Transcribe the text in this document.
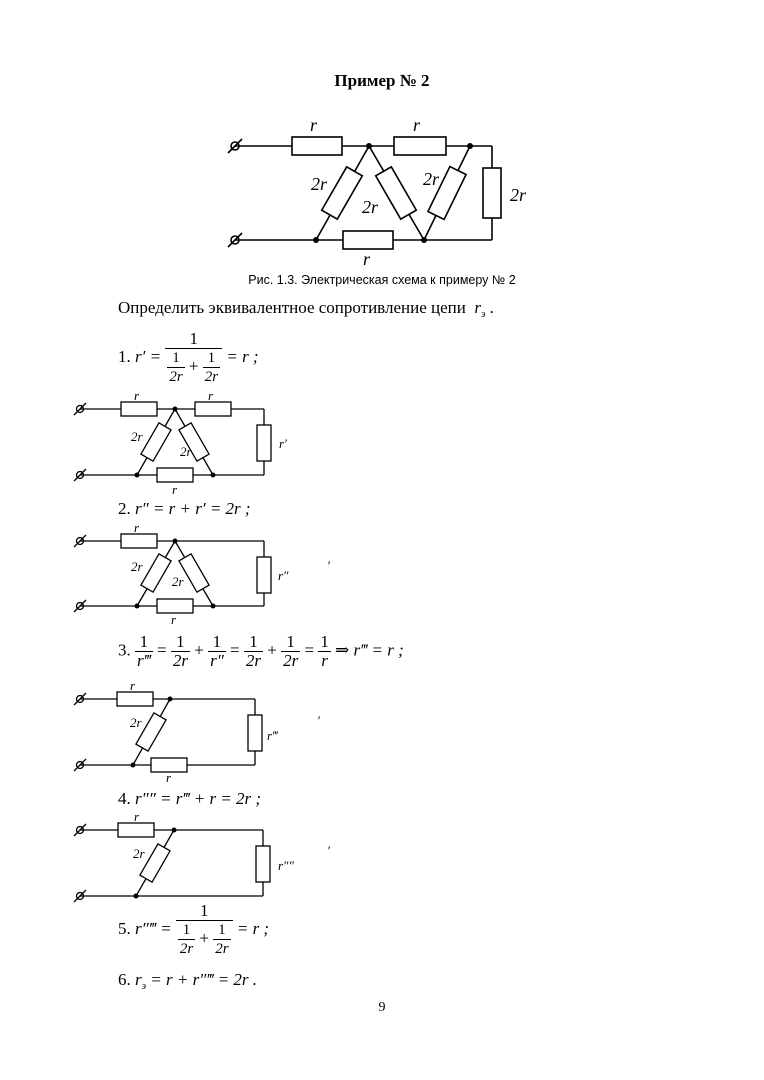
Пример № 2
r	r
2r
2r
2r
2r
r
Рис. 1.3. Электрическая схема к примеру № 2
Определить эквивалентное сопротивление цепи $r_э$ .
1. $r' = \frac{1}{\frac{1}{2r} + \frac{1}{2r}} = r$ ;
r	r
2r
2r
r′
r
2. r″ = r + r′ = 2r ;
r
2r
2r	r″
′
r
3. $\frac{1}{r‴} = \frac{1}{2r} + \frac{1}{r''} = \frac{1}{2r} + \frac{1}{2r} = \frac{1}{r}$ ⇒ r‴ = r ;
r
2r
r‴
′
r
4. r″″ = r‴ + r = 2r ;
r
2r
r″″
′
5. r″‴ = $\frac{1}{\frac{1}{2r} + \frac{1}{2r}} = r$ ;
6. $r_э = r$ + r″‴ = 2r .
9
